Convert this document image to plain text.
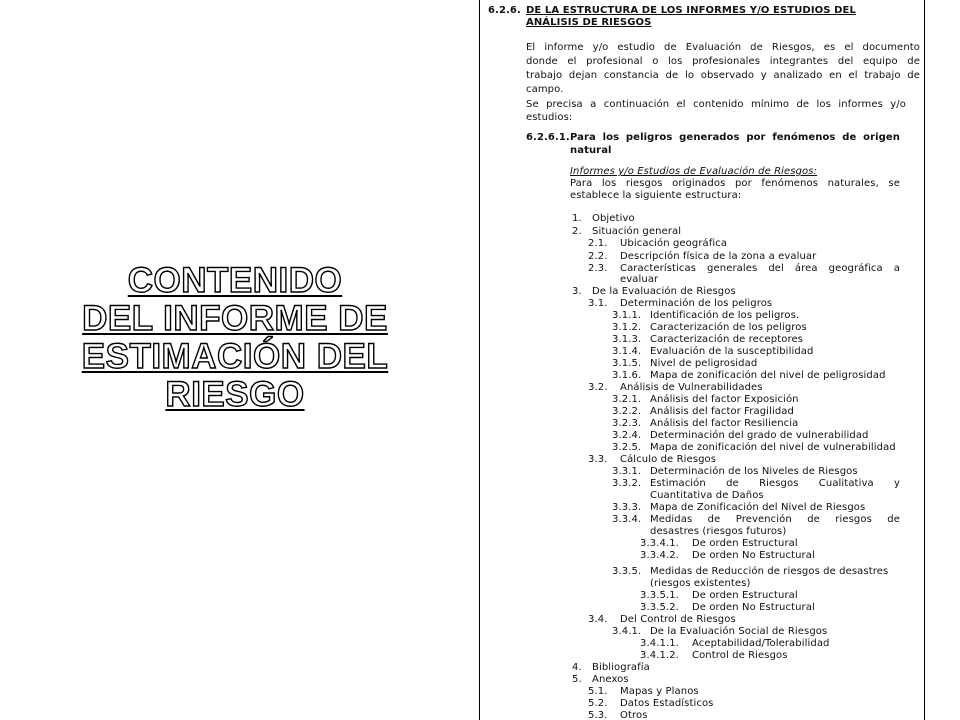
CONTENIDO
DEL INFORME DE
ESTIMACIÓN DEL
RIESGO
6.2.6. DE LA ESTRUCTURA DE LOS INFORMES Y/O ESTUDIOS DEL
ANÁLISIS DE RIESGOS
El informe y/o estudio de Evaluación de Riesgos, es el documento
donde el profesional o los profesionales integrantes del equipo de
trabajo dejan constancia de lo observado y analizado en el trabajo de
campo.
Se precisa a continuación el contenido mínimo de los informes y/o
estudios:
6.2.6.1. Para los peligros generados por fenómenos de origen
natural
Informes y/o Estudios de Evaluación de Riesgos:
Para los riesgos originados por fenómenos naturales, se
establece la siguiente estructura:
1. Objetivo
2. Situación general
2.1. Ubicación geográfica
2.2. Descripción física de la zona a evaluar
2.3. Características generales del área geográfica a
evaluar
3. De la Evaluación de Riesgos
3.1. Determinación de los peligros
3.1.1. Identificación de los peligros.
3.1.2. Caracterización de los peligros
3.1.3. Caracterización de receptores
3.1.4. Evaluación de la susceptibilidad
3.1.5. Nivel de peligrosidad
3.1.6. Mapa de zonificación del nivel de peligrosidad
3.2. Análisis de Vulnerabilidades
3.2.1. Análisis del factor Exposición
3.2.2. Análisis del factor Fragilidad
3.2.3. Análisis del factor Resiliencia
3.2.4. Determinación del grado de vulnerabilidad
3.2.5. Mapa de zonificación del nivel de vulnerabilidad
3.3. Cálculo de Riesgos
3.3.1. Determinación de los Niveles de Riesgos
3.3.2. Estimación de Riesgos Cualitativa y
Cuantitativa de Daños
3.3.3. Mapa de Zonificación del Nivel de Riesgos
3.3.4. Medidas de Prevención de riesgos de
desastres (riesgos futuros)
3.3.4.1. De orden Estructural
3.3.4.2. De orden No Estructural
3.3.5. Medidas de Reducción de riesgos de desastres
(riesgos existentes)
3.3.5.1. De orden Estructural
3.3.5.2. De orden No Estructural
3.4. Del Control de Riesgos
3.4.1. De la Evaluación Social de Riesgos
3.4.1.1. Aceptabilidad/Tolerabilidad
3.4.1.2. Control de Riesgos
4. Bibliografía
5. Anexos
5.1. Mapas y Planos
5.2. Datos Estadísticos
5.3. Otros
